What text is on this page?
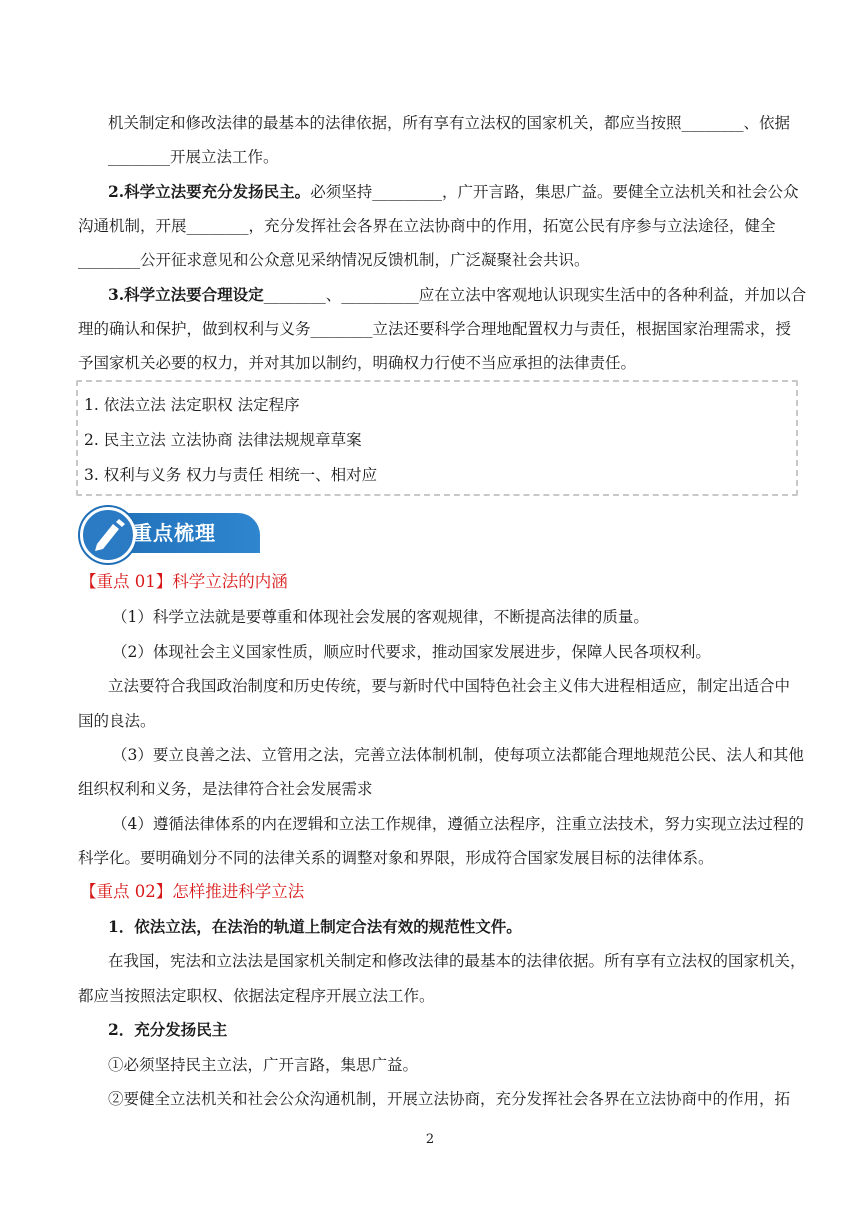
机关制定和修改法律的最基本的法律依据，所有享有立法权的国家机关，都应当按照________、依据
________开展立法工作。
2.科学立法要充分发扬民主。必须坚持_________，广开言路，集思广益。要健全立法机关和社会公众
沟通机制，开展________，充分发挥社会各界在立法协商中的作用，拓宽公民有序参与立法途径，健全
________公开征求意见和公众意见采纳情况反馈机制，广泛凝聚社会共识。
3.科学立法要合理设定________、__________应在立法中客观地认识现实生活中的各种利益，并加以合
理的确认和保护，做到权利与义务________立法还要科学合理地配置权力与责任，根据国家治理需求，授
予国家机关必要的权力，并对其加以制约，明确权力行使不当应承担的法律责任。
1. 依法立法 法定职权 法定程序
2. 民主立法 立法协商 法律法规规章草案
3. 权利与义务 权力与责任 相统一、相对应
重点梳理
【重点 01】科学立法的内涵
（1）科学立法就是要尊重和体现社会发展的客观规律，不断提高法律的质量。
（2）体现社会主义国家性质，顺应时代要求，推动国家发展进步，保障人民各项权利。
立法要符合我国政治制度和历史传统，要与新时代中国特色社会主义伟大进程相适应，制定出适合中
国的良法。
（3）要立良善之法、立管用之法，完善立法体制机制，使每项立法都能合理地规范公民、法人和其他
组织权利和义务，是法律符合社会发展需求
（4）遵循法律体系的内在逻辑和立法工作规律，遵循立法程序，注重立法技术，努力实现立法过程的
科学化。要明确划分不同的法律关系的调整对象和界限，形成符合国家发展目标的法律体系。
【重点 02】怎样推进科学立法
1．依法立法，在法治的轨道上制定合法有效的规范性文件。
在我国，宪法和立法法是国家机关制定和修改法律的最基本的法律依据。所有享有立法权的国家机关，
都应当按照法定职权、依据法定程序开展立法工作。
2．充分发扬民主
①必须坚持民主立法，广开言路，集思广益。
②要健全立法机关和社会公众沟通机制，开展立法协商，充分发挥社会各界在立法协商中的作用，拓
2
